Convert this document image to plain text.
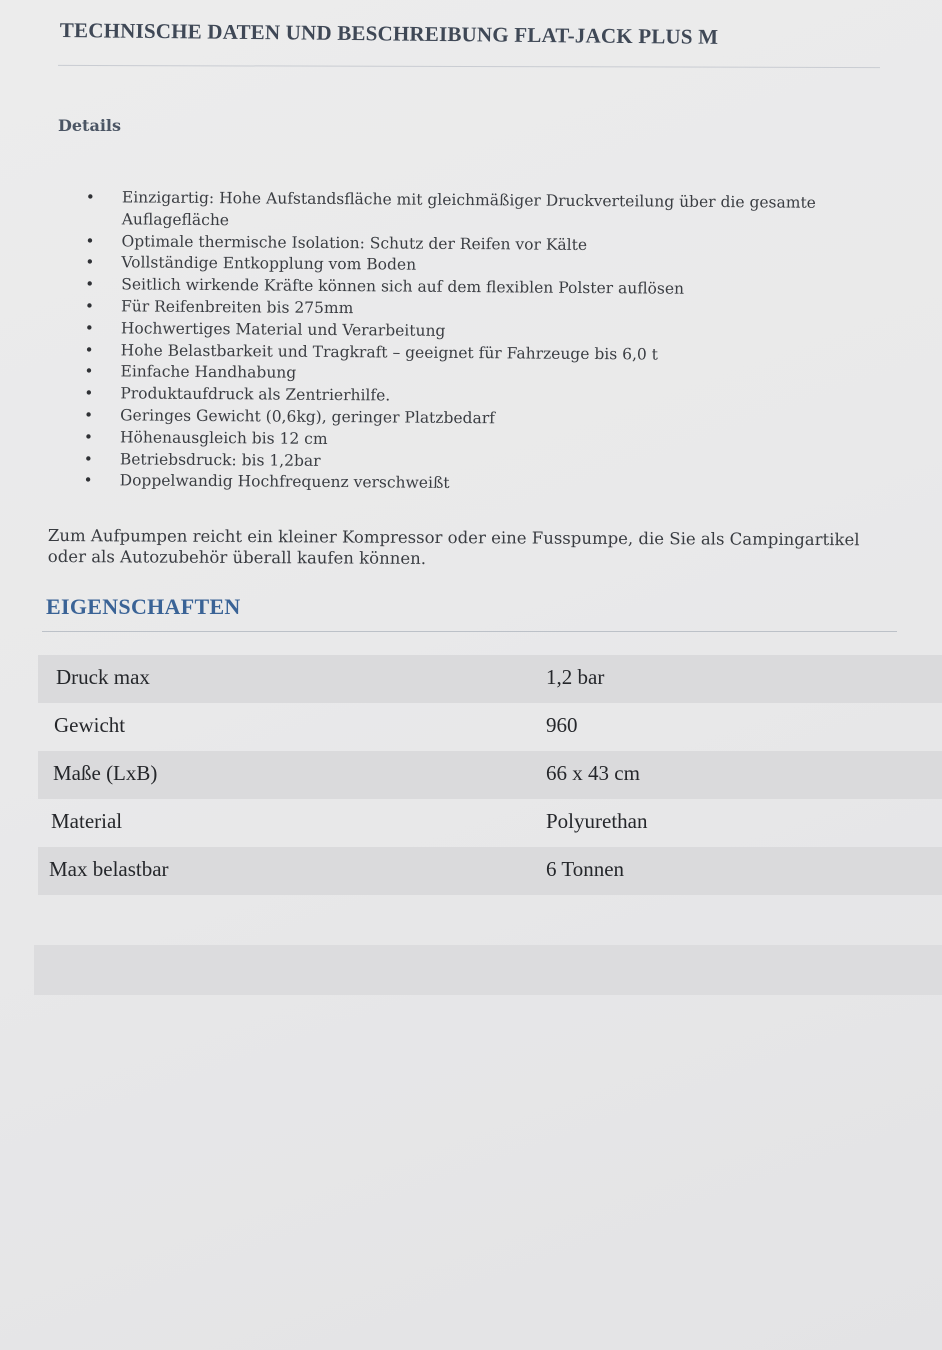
TECHNISCHE DATEN UND BESCHREIBUNG FLAT-JACK PLUS M
Details
• Einzigartig: Hohe Aufstandsfläche mit gleichmäßiger Druckverteilung über die gesamte Auflagefläche
• Optimale thermische Isolation: Schutz der Reifen vor Kälte
• Vollständige Entkopplung vom Boden
• Seitlich wirkende Kräfte können sich auf dem flexiblen Polster auflösen
• Für Reifenbreiten bis 275mm
• Hochwertiges Material und Verarbeitung
• Hohe Belastbarkeit und Tragkraft – geeignet für Fahrzeuge bis 6,0 t
• Einfache Handhabung
• Produktaufdruck als Zentrierhilfe.
• Geringes Gewicht (0,6kg), geringer Platzbedarf
• Höhenausgleich bis 12 cm
• Betriebsdruck: bis 1,2bar
• Doppelwandig Hochfrequenz verschweißt

Zum Aufpumpen reicht ein kleiner Kompressor oder eine Fusspumpe, die Sie als Campingartikel oder als Autozubehör überall kaufen können.

EIGENSCHAFTEN
Druck max	1,2 bar
Gewicht	960
Maße (LxB)	66 x 43 cm
Material	Polyurethan
Max belastbar	6 Tonnen
